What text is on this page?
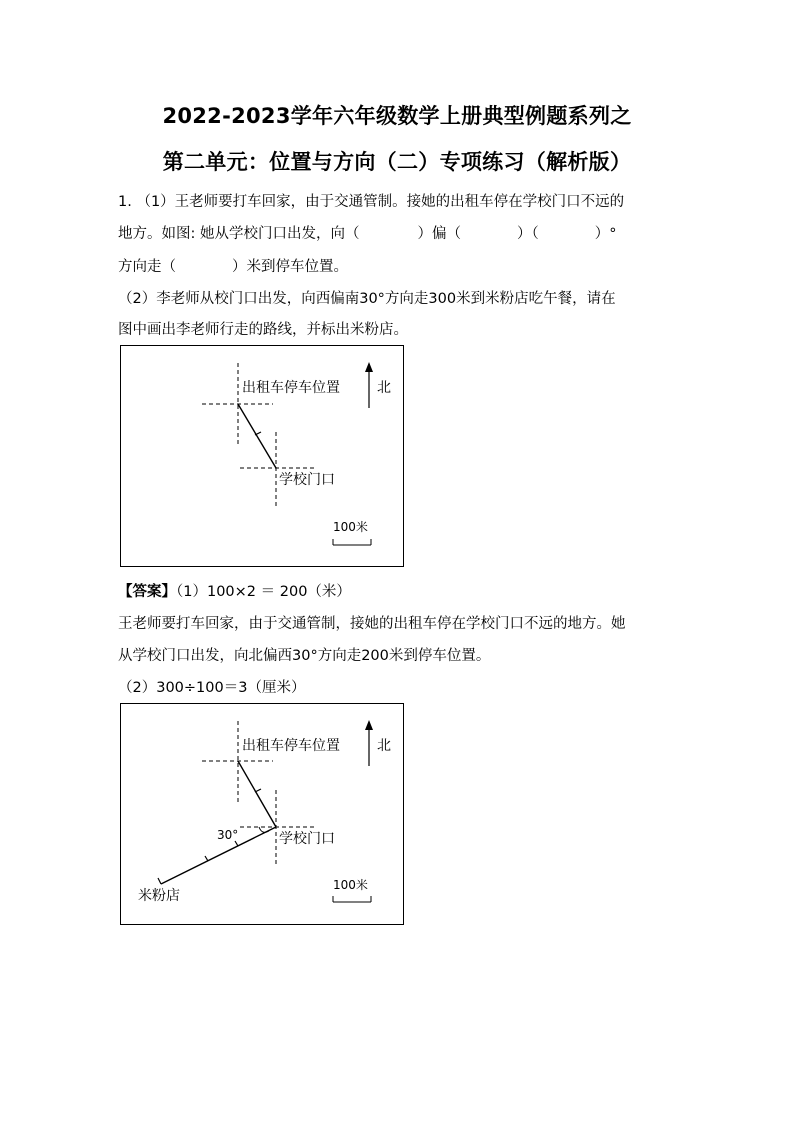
2022-2023学年六年级数学上册典型例题系列之
第二单元：位置与方向（二）专项练习（解析版）
1. （1）王老师要打车回家，由于交通管制。接她的出租车停在学校门口不远的
地方。如图: 她从学校门口出发，向（	）偏（	）（	）°
方向走（	）米到停车位置。
（2）李老师从校门口出发，向西偏南30°方向走300米到米粉店吃午餐，请在
图中画出李老师行走的路线，并标出米粉店。
出租车停车位置
学校门口
北
100米
【答案】（1）100×2 ＝ 200（米）
王老师要打车回家，由于交通管制，接她的出租车停在学校门口不远的地方。她
从学校门口出发，向北偏西30°方向走200米到停车位置。
（2）300÷100＝3（厘米）
30°
出租车停车位置
学校门口
米粉店
北
100米
